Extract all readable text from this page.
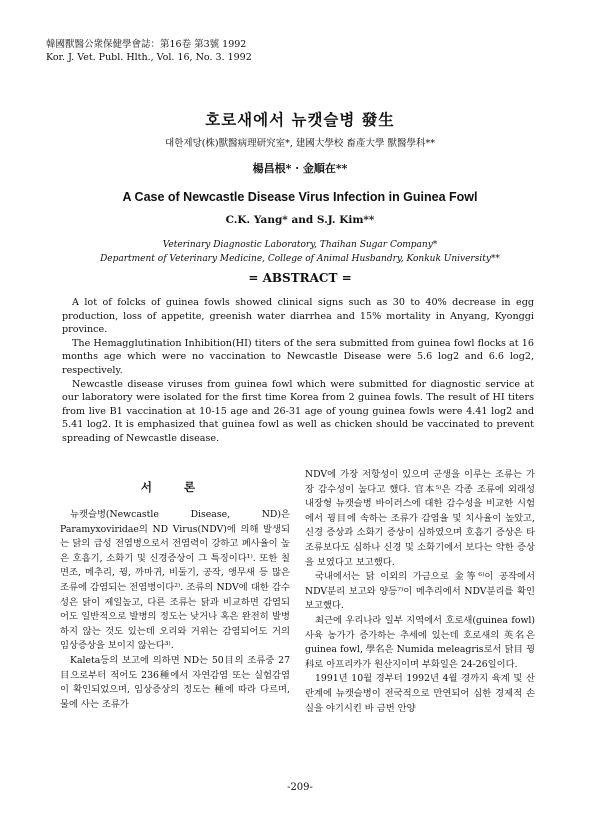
韓國獸醫公衆保健學會誌：第16卷 第3號 1992
Kor. J. Vet. Publ. Hlth., Vol. 16, No. 3. 1992
호로새에서 뉴캣슬병 發生
대한제당(株)獸醫病理研究室*, 建國大學校 畜產大學 獸醫學科**
楊昌根* · 金順在**
A Case of Newcastle Disease Virus Infection in Guinea Fowl
C.K. Yang* and S.J. Kim**
Veterinary Diagnostic Laboratory, Thaihan Sugar Company*
Department of Veterinary Medicine, College of Animal Husbandry, Konkuk University**
= ABSTRACT =

A lot of folcks of guinea fowls showed clinical signs such as 30 to 40% decrease in egg production, loss of appetite, greenish water diarrhea and 15% mortality in Anyang, Kyonggi province.

The Hemagglutination Inhibition(HI) titers of the sera submitted from guinea fowl flocks at 16 months age which were no vaccination to Newcastle Disease were 5.6 log2 and 6.6 log2, respectively.

Newcastle disease viruses from guinea fowl which were submitted for diagnostic service at our laboratory were isolated for the first time Korea from 2 guinea fowls. The result of HI titers from live B1 vaccination at 10-15 age and 26-31 age of young guinea fowls were 4.41 log2 and 5.41 log2. It is emphasized that guinea fowl as well as chicken should be vaccinated to prevent spreading of Newcastle disease.

서 론

뉴캣슬병(Newcastle Disease, ND)은 Paramyxoviridae의 ND Virus(NDV)에 의해 발생되는 닭의 급성 전염병으로서 전염력이 강하고 폐사율이 높은 호흡기, 소화기 및 신경증상이 그 특징이다¹⁾. 또한 칠면조, 메추리, 꿩, 까마귀, 비둘기, 공작, 앵무새 등 많은 조류에 감염되는 전염병이다²⁾. 조류의 NDV에 대한 감수성은 닭이 제일높고, 다른 조류는 닭과 비교하면 감염되어도 일반적으로 발병의 정도는 낮거나 혹은 완전히 발병하지 않는 것도 있는데 오리와 거위는 감염되어도 거의 임상증상을 보이지 않는다³⁾.

Kaleta등의 보고에 의하면 ND는 50目의 조류중 27目으로부터 적어도 236種에서 자연감염 또는 실험감염이 확인되었으며, 임상증상의 정도는 種에 따라 다르며, 물에 사는 조류가

NDV에 가장 저항성이 있으며 군생을 이루는 조류는 가장 감수성이 높다고 했다. 官本⁵⁾은 각종 조류에 외래성 내장형 뉴캣슬병 바이러스에 대한 감수성을 비교한 시험에서 꿩目에 속하는 조류가 감염율 및 치사율이 높았고, 신경 증상과 소화기 증상이 심하였으며 호흡기 증상은 타 조류보다도 심하나 신경 및 소화기에서 보다는 약한 증상을 보였다고 보고했다.

국내에서는 닭 이외의 가금으로 金等⁶⁾이 공작에서 NDV분리 보고와 양등⁷⁾이 메추리에서 NDV분리를 확인 보고했다.

최근에 우리나라 일부 지역에서 호로새(guinea fowl) 사육 농가가 증가하는 추세에 있는데 호로새의 英名은 guinea fowl, 學名은 Numida meleagris로서 닭目 꿩科로 아프리카가 원산지이며 부화일은 24-26일이다.

1991년 10월 경부터 1992년 4월 경까지 육계 및 산란계에 뉴캣슬병이 전국적으로 만연되어 심한 경제적 손실을 야기시킨 바 금번 안양

-209-
